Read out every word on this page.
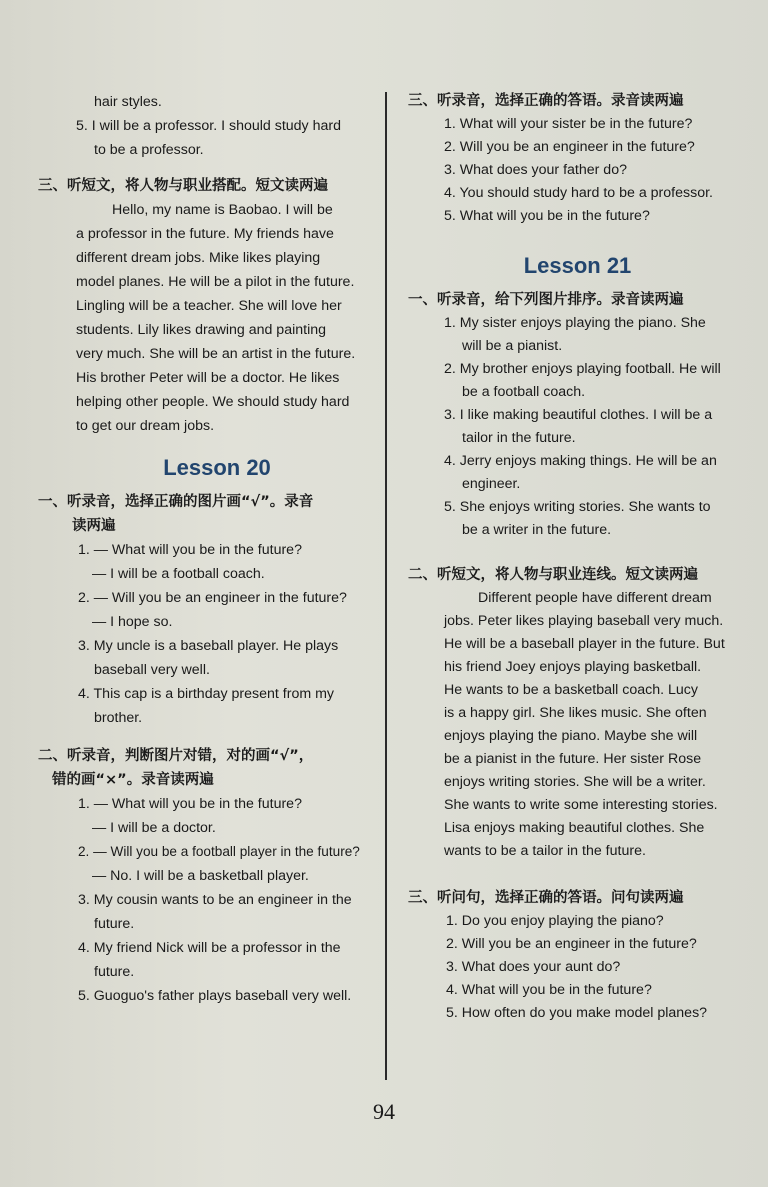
hair styles.
5. I will be a professor. I should study hard
to be a professor.
三、听短文，将人物与职业搭配。短文读两遍
Hello, my name is Baobao. I will be
a professor in the future. My friends have
different dream jobs. Mike likes playing
model planes. He will be a pilot in the future.
Lingling will be a teacher. She will love her
students. Lily likes drawing and painting
very much. She will be an artist in the future.
His brother Peter will be a doctor. He likes
helping other people. We should study hard
to get our dream jobs.
Lesson 20
一、听录音，选择正确的图片画“√”。录音
读两遍
1. — What will you be in the future?
— I will be a football coach.
2. — Will you be an engineer in the future?
— I hope so.
3. My uncle is a baseball player. He plays
baseball very well.
4. This cap is a birthday present from my
brother.
二、听录音，判断图片对错，对的画“√”，
错的画“×”。录音读两遍
1. — What will you be in the future?
— I will be a doctor.
2. — Will you be a football player in the future?
— No. I will be a basketball player.
3. My cousin wants to be an engineer in the
future.
4. My friend Nick will be a professor in the
future.
5. Guoguo's father plays baseball very well.
三、听录音，选择正确的答语。录音读两遍
1. What will your sister be in the future?
2. Will you be an engineer in the future?
3. What does your father do?
4. You should study hard to be a professor.
5. What will you be in the future?
Lesson 21
一、听录音，给下列图片排序。录音读两遍
1. My sister enjoys playing the piano. She
will be a pianist.
2. My brother enjoys playing football. He will
be a football coach.
3. I like making beautiful clothes. I will be a
tailor in the future.
4. Jerry enjoys making things. He will be an
engineer.
5. She enjoys writing stories. She wants to
be a writer in the future.
二、听短文，将人物与职业连线。短文读两遍
Different people have different dream
jobs. Peter likes playing baseball very much.
He will be a baseball player in the future. But
his friend Joey enjoys playing basketball.
He wants to be a basketball coach. Lucy
is a happy girl. She likes music. She often
enjoys playing the piano. Maybe she will
be a pianist in the future. Her sister Rose
enjoys writing stories. She will be a writer.
She wants to write some interesting stories.
Lisa enjoys making beautiful clothes. She
wants to be a tailor in the future.
三、听问句，选择正确的答语。问句读两遍
1. Do you enjoy playing the piano?
2. Will you be an engineer in the future?
3. What does your aunt do?
4. What will you be in the future?
5. How often do you make model planes?
94
